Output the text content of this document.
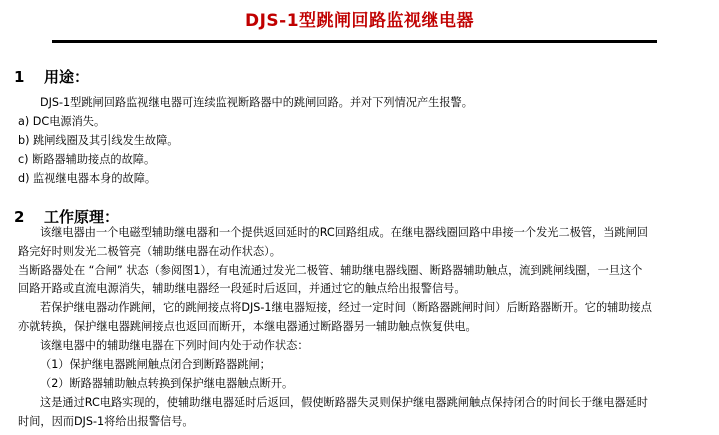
DJS-1型跳闸回路监视继电器
1 用途：
DJS-1型跳闸回路监视继电器可连续监视断路器中的跳闸回路。并对下列情况产生报警。
a) DC电源消失。
b) 跳闸线圈及其引线发生故障。
c) 断路器辅助接点的故障。
d) 监视继电器本身的故障。
2 工作原理：
该继电器由一个电磁型辅助继电器和一个提供返回延时的RC回路组成。在继电器线圈回路中串接一个发光二极管，当跳闸回
路完好时则发光二极管亮（辅助继电器在动作状态）。
当断路器处在 “合闸” 状态（参阅图1），有电流通过发光二极管、辅助继电器线圈、断路器辅助触点，流到跳闸线圈，一旦这个
回路开路或直流电源消失，辅助继电器经一段延时后返回，并通过它的触点给出报警信号。
若保护继电器动作跳闸，它的跳闸接点将DJS-1继电器短接，经过一定时间（断路器跳闸时间）后断路器断开。它的辅助接点
亦就转换，保护继电器跳闸接点也返回而断开，本继电器通过断路器另一辅助触点恢复供电。
该继电器中的辅助继电器在下列时间内处于动作状态：
（1）保护继电器跳闸触点闭合到断路器跳闸；
（2）断路器辅助触点转换到保护继电器触点断开。
这是通过RC电路实现的，使辅助继电器延时后返回，假使断路器失灵则保护继电器跳闸触点保持闭合的时间长于继电器延时
时间，因而DJS-1将给出报警信号。
